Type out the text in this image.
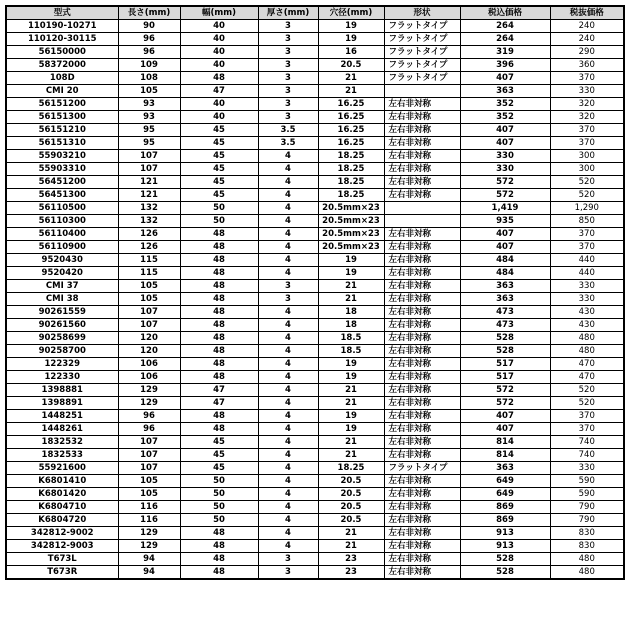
型式	長さ(mm)	幅(mm)	厚さ(mm)	穴径(mm)	形状	税込価格	税抜価格
110190-10271	90	40	3	19	フラットタイプ	264	240
110120-30115	96	40	3	19	フラットタイプ	264	240
56150000	96	40	3	16	フラットタイプ	319	290
58372000	109	40	3	20.5	フラットタイプ	396	360
108D	108	48	3	21	フラットタイプ	407	370
CMI 20	105	47	3	21		363	330
56151200	93	40	3	16.25	左右非対称	352	320
56151300	93	40	3	16.25	左右非対称	352	320
56151210	95	45	3.5	16.25	左右非対称	407	370
56151310	95	45	3.5	16.25	左右非対称	407	370
55903210	107	45	4	18.25	左右非対称	330	300
55903310	107	45	4	18.25	左右非対称	330	300
56451200	121	45	4	18.25	左右非対称	572	520
56451300	121	45	4	18.25	左右非対称	572	520
56110500	132	50	4	20.5mm×23		1,419	1,290
56110300	132	50	4	20.5mm×23		935	850
56110400	126	48	4	20.5mm×23	左右非対称	407	370
56110900	126	48	4	20.5mm×23	左右非対称	407	370
9520430	115	48	4	19	左右非対称	484	440
9520420	115	48	4	19	左右非対称	484	440
CMI 37	105	48	3	21	左右非対称	363	330
CMI 38	105	48	3	21	左右非対称	363	330
90261559	107	48	4	18	左右非対称	473	430
90261560	107	48	4	18	左右非対称	473	430
90258699	120	48	4	18.5	左右非対称	528	480
90258700	120	48	4	18.5	左右非対称	528	480
122329	106	48	4	19	左右非対称	517	470
122330	106	48	4	19	左右非対称	517	470
1398881	129	47	4	21	左右非対称	572	520
1398891	129	47	4	21	左右非対称	572	520
1448251	96	48	4	19	左右非対称	407	370
1448261	96	48	4	19	左右非対称	407	370
1832532	107	45	4	21	左右非対称	814	740
1832533	107	45	4	21	左右非対称	814	740
55921600	107	45	4	18.25	フラットタイプ	363	330
K6801410	105	50	4	20.5	左右非対称	649	590
K6801420	105	50	4	20.5	左右非対称	649	590
K6804710	116	50	4	20.5	左右非対称	869	790
K6804720	116	50	4	20.5	左右非対称	869	790
342812-9002	129	48	4	21	左右非対称	913	830
342812-9003	129	48	4	21	左右非対称	913	830
T673L	94	48	3	23	左右非対称	528	480
T673R	94	48	3	23	左右非対称	528	480
